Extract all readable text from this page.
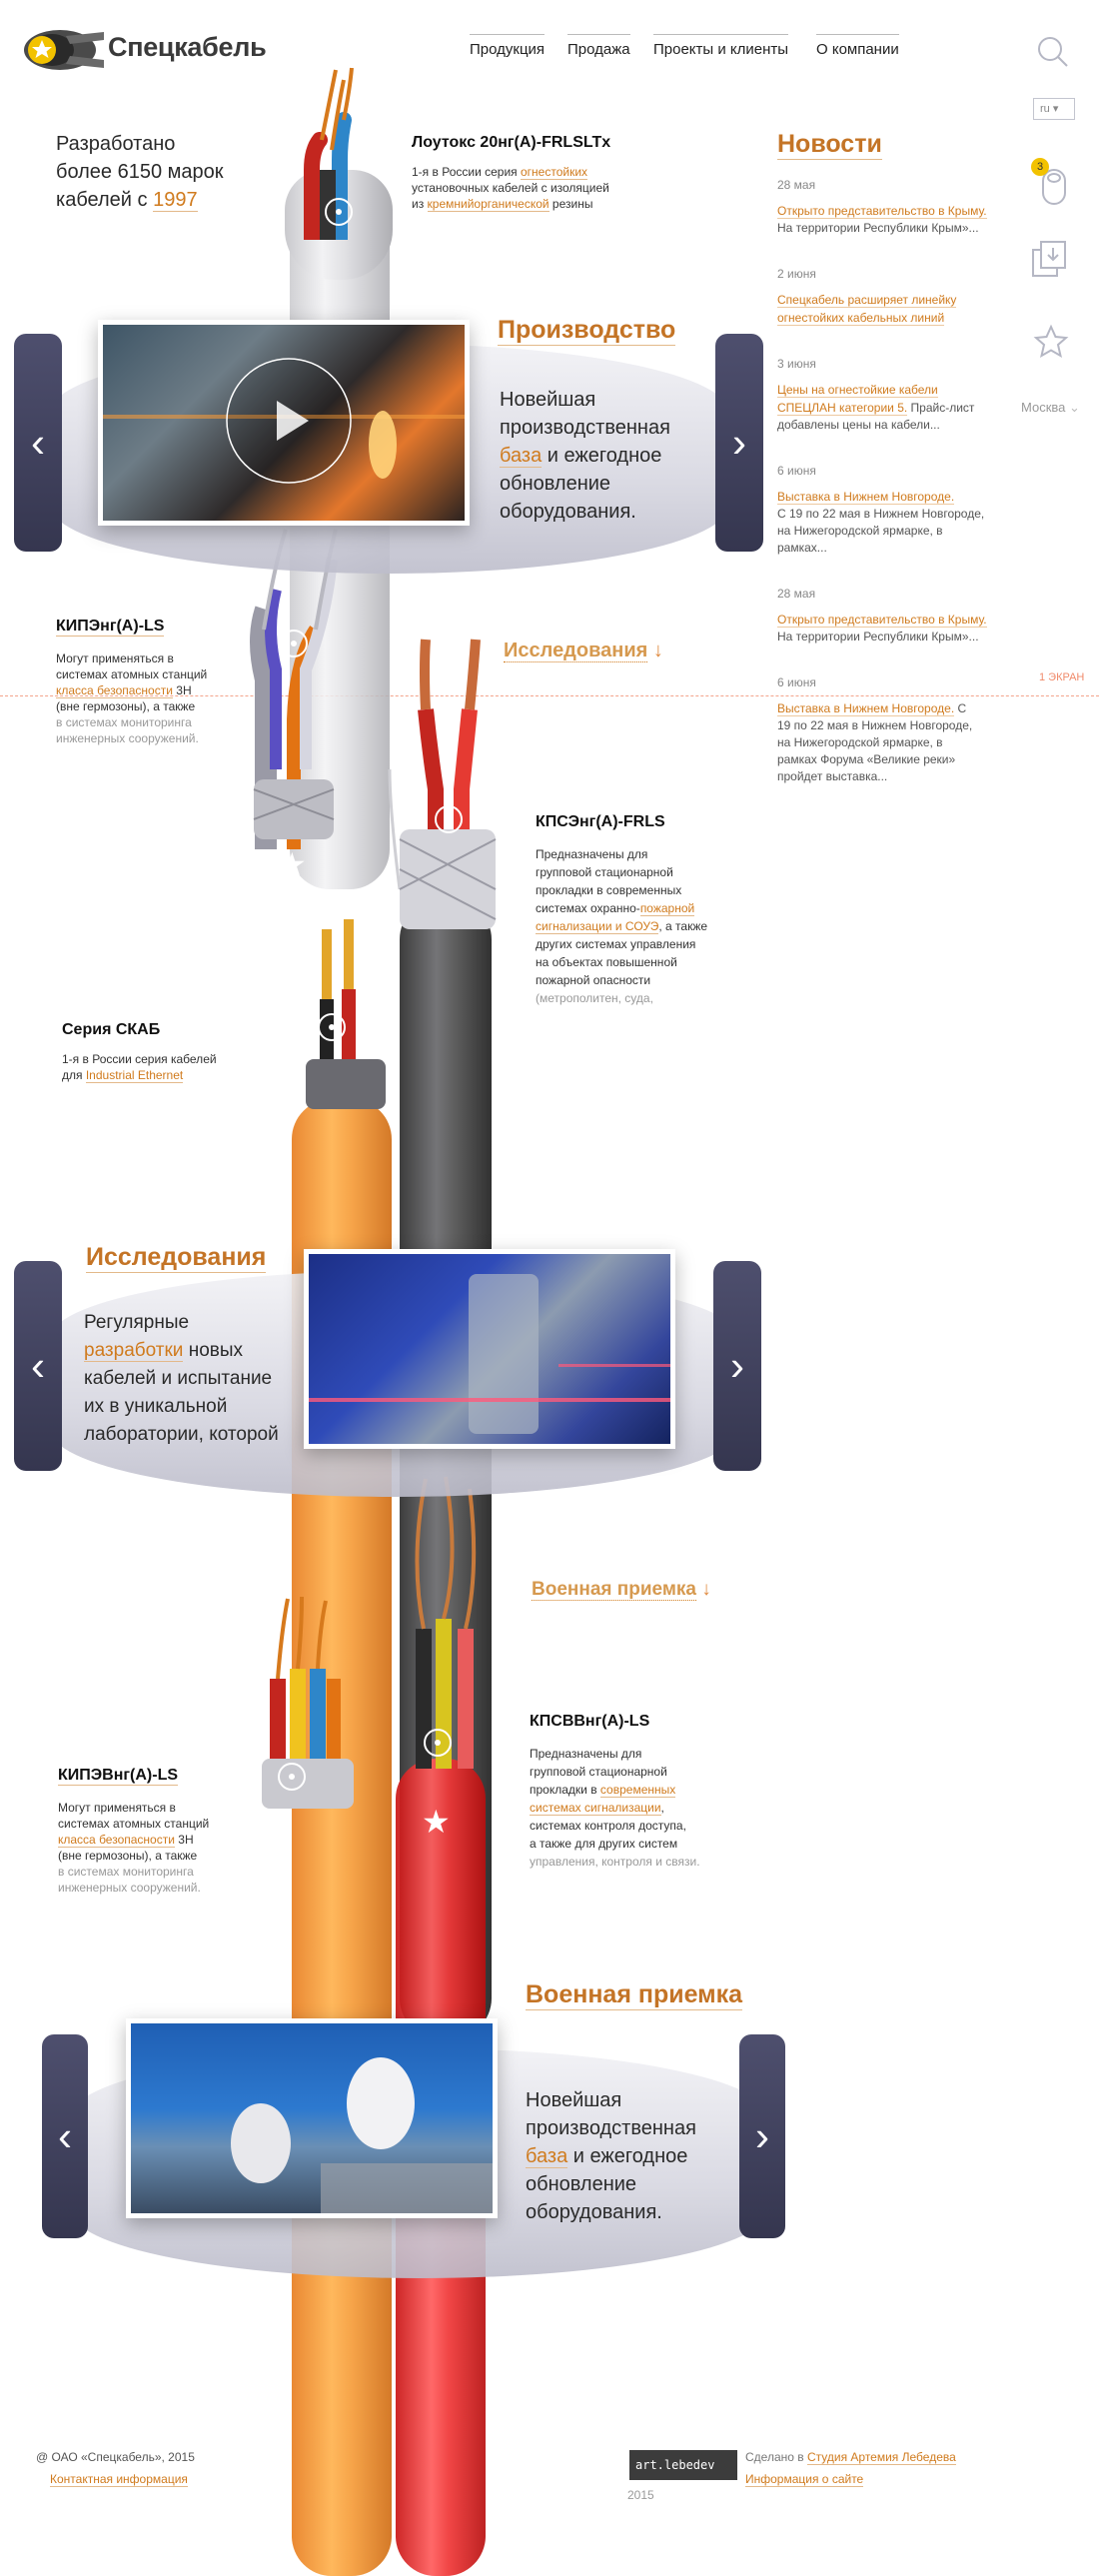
Спецкабель	Продукция Продажа Проекты и клиенты О компании
ru ▾
3
Москва ⌄
1 ЭКРАН
★
★
Разработано
более 6150 марок
кабелей с 1997
Лоутокс 20нг(А)-FRLSLTx
1-я в России серия огнестойких
установочных кабелей с изоляцией
из кремнийорганической резины
‹	›
Производство
Новейшая
производственная
база и ежегодное
обновление
оборудования.
Новости
28 мая
Открыто представительство в Крыму.
На территории Республики Крым»...
2 июня
Спецкабель расширяет линейку
огнестойких кабельных линий
3 июня
Цены на огнестойкие кабели
СПЕЦЛАН категории 5. Прайс-лист
добавлены цены на кабели...
6 июня
Выставка в Нижнем Новгороде.
С 19 по 22 мая в Нижнем Новгороде,
на Нижегородской ярмарке, в
рамках...
28 мая
Открыто представительство в Крыму.
На территории Республики Крым»...
6 июня
Выставка в Нижнем Новгороде. С
19 по 22 мая в Нижнем Новгороде,
на Нижегородской ярмарке, в
рамках Форума «Великие реки»
пройдет выставка...
Исследования ↓
КИПЭнг(А)-LS
Могут применяться в
системах атомных станций
класса безопасности 3Н
(вне гермозоны), а также
в системах мониторинга
инженерных сооружений.
КПСЭнг(А)-FRLS
Предназначены для
групповой стационарной
прокладки в современных
системах охранно-пожарной
сигнализации и СОУЭ, а также
других системах управления
на объектах повышенной
пожарной опасности
(метрополитен, суда,
Серия СКАБ
1-я в России серия кабелей
для Industrial Ethernet
‹	›
Исследования
Регулярные
разработки новых
кабелей и испытание
их в уникальной
лаборатории, которой
Военная приемка ↓
КИПЭВнг(А)-LS
Могут применяться в
системах атомных станций
класса безопасности 3Н
(вне гермозоны), а также
в системах мониторинга
инженерных сооружений.
КПСВВнг(А)-LS
Предназначены для
групповой стационарной
прокладки в современных
системах сигнализации,
системах контроля доступа,
а также для других систем
управления, контроля и связи.
‹	›
Военная приемка
Новейшая
производственная
база и ежегодное
обновление
оборудования.
@ ОАО «Спецкабель», 2015
Контактная информация
art.lebedev
2015
Сделано в Студия Артемия Лебедева
Информация о сайте
